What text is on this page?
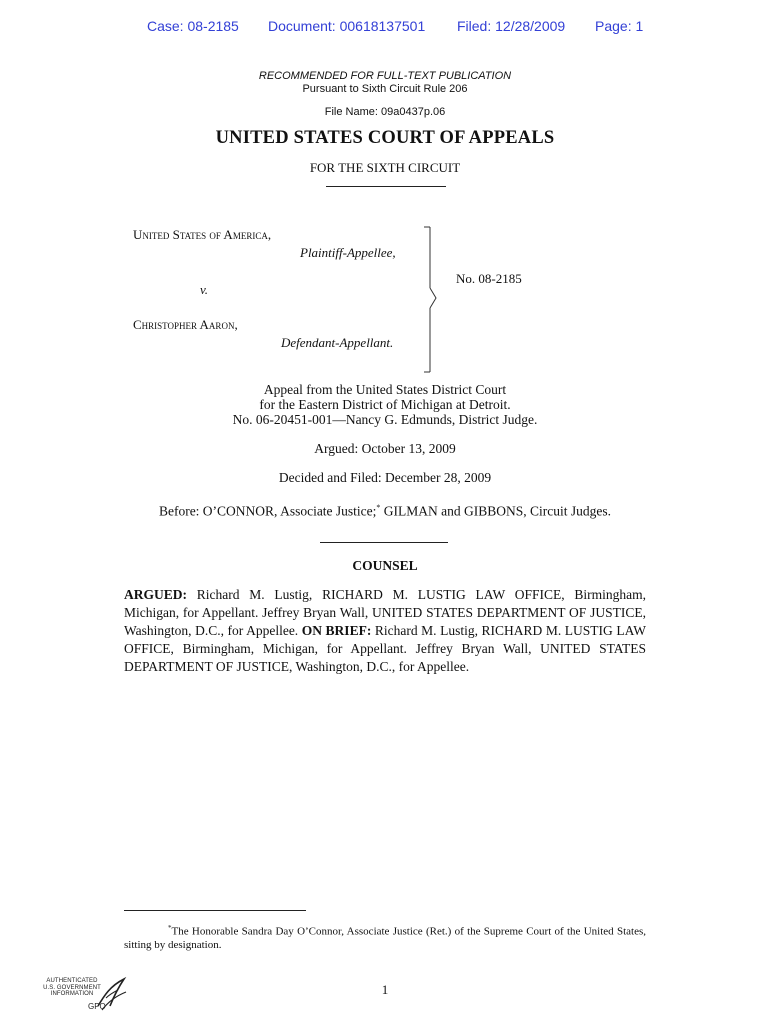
Case: 08-2185 Document: 00618137501 Filed: 12/28/2009 Page: 1
RECOMMENDED FOR FULL-TEXT PUBLICATION
Pursuant to Sixth Circuit Rule 206
File Name: 09a0437p.06
UNITED STATES COURT OF APPEALS
FOR THE SIXTH CIRCUIT
United States of America,
Plaintiff-Appellee,
v.
Christopher Aaron,
Defendant-Appellant.
No. 08-2185
Appeal from the United States District Court
for the Eastern District of Michigan at Detroit.
No. 06-20451-001—Nancy G. Edmunds, District Judge.
Argued: October 13, 2009
Decided and Filed: December 28, 2009
Before: O’CONNOR, Associate Justice;* GILMAN and GIBBONS, Circuit Judges.
COUNSEL
ARGUED: Richard M. Lustig, RICHARD M. LUSTIG LAW OFFICE, Birmingham, Michigan, for Appellant. Jeffrey Bryan Wall, UNITED STATES DEPARTMENT OF JUSTICE, Washington, D.C., for Appellee. ON BRIEF: Richard M. Lustig, RICHARD M. LUSTIG LAW OFFICE, Birmingham, Michigan, for Appellant. Jeffrey Bryan Wall, UNITED STATES DEPARTMENT OF JUSTICE, Washington, D.C., for Appellee.
*The Honorable Sandra Day O’Connor, Associate Justice (Ret.) of the Supreme Court of the United States, sitting by designation.
1
AUTHENTICATED
U.S. GOVERNMENT
INFORMATION
GPO
